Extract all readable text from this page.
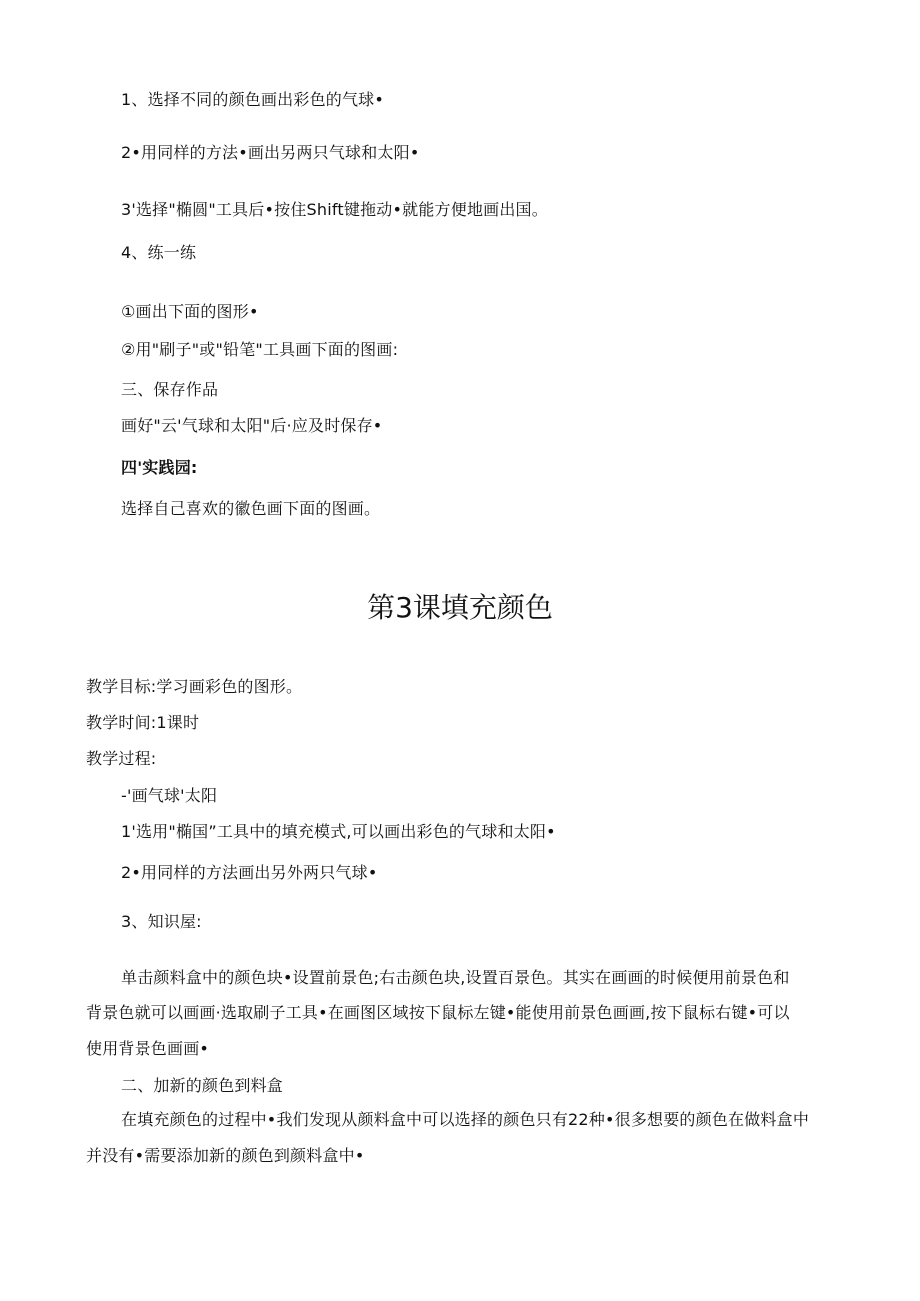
1、选择不同的颜色画出彩色的气球•
2•用同样的方法•画出另两只气球和太阳•
3'选择"椭圆"工具后•按住Shift键拖动•就能方便地画出国。
4、练一练
①画出下面的图形•
②用"刷子"或"铅笔"工具画下面的图画:
三、保存作品
画好"云'气球和太阳"后·应及时保存•
四'实践园:
选择自己喜欢的徽色画下面的图画。
第3课填充颜色
教学目标:学习画彩色的图形。
教学时间:1课时
教学过程:
-'画气球'太阳
1'选用"椭国”工具中的填充模式,可以画出彩色的气球和太阳•
2•用同样的方法画出另外两只气球•
3、知识屋:
单击颜料盒中的颜色块•设置前景色;右击颜色块,设置百景色。其实在画画的时候便用前景色和
背景色就可以画画·选取刷子工具•在画图区域按下鼠标左键•能使用前景色画画,按下鼠标右键•可以
使用背景色画画•
二、加新的颜色到料盒
在填充颜色的过程中•我们发现从颜料盒中可以选择的颜色只有22种•很多想要的颜色在做料盒中
并没有•需要添加新的颜色到颜料盒中•
